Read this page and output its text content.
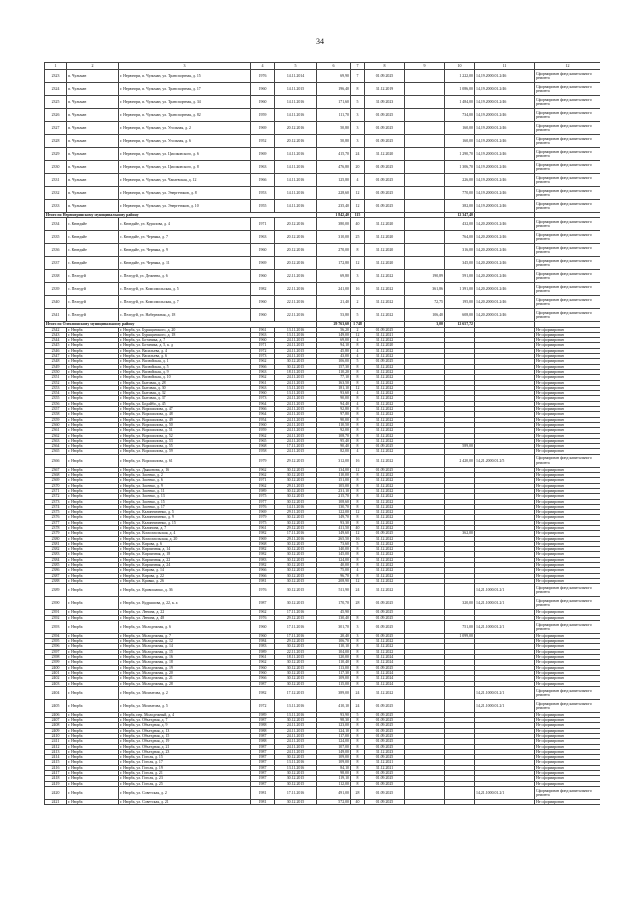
34
1	2	3	4	5	6	7	8	9	10	11	12
2323	п. Чульман	г. Нерюнгри, п. Чульман, ул. Транспортная, д. 15	1976	14.11.2014	69,90	7	01.09.2025		1 222,00	14,19.2000.01.2/46	Сформирован фонд капитального ремонта
2324	п. Чульман	г. Нерюнгри, п. Чульман, ул. Транспортная, д. 17	1960	14.11.2015	196,40	8	31.12.2019		1 086,00	14,19.2000.01.2/46	Сформирован фонд капитального ремонта
2325	п. Чульман	г. Нерюнгри, п. Чульман, ул. Транспортная, д. 34	1960	14.11.2016	171,60	5	31.09.2023		1 484,00	14,19.2000.01.2/46	Сформирован фонд капитального ремонта
2326	п. Чульман	г. Нерюнгри, п. Чульман, ул. Транспортная, д. 82	1959	14.11.2016	111,70	3	01.09.2025		734,00	14,19.2000.01.2/46	Сформирован фонд капитального ремонта
2327	п. Чульман	г. Нерюнгри, п. Чульман, ул. Угольная, д. 2	1969	20.12.2016	50,80	3	01.09.2025		160,00	14,19.2000.01.2/46	Сформирован фонд капитального ремонта
2328	п. Чульман	г. Нерюнгри, п. Чульман, ул. Угольная, д. 6	1952	20.12.2016	50,80	3	01.09.2025		160,00	14,19.2000.01.2/46	Сформирован фонд капитального ремонта
2329	п. Чульман	г. Нерюнгри, п. Чульман, ул. Циолковского, д. 6	1969	14.11.2016	415,70	24	31.12.2020		1 290,70	14,19.2000.01.2/46	Сформирован фонд капитального ремонта
2330	п. Чульман	г. Нерюнгри, п. Чульман, ул. Циолковского, д. 8	1963	14.11.2016	476,80	20	01.09.2025		1 306,70	14,19.2000.01.2/46	Сформирован фонд капитального ремонта
2331	п. Чульман	г. Нерюнгри, п. Чульман, ул. Чапаевская, д. 12	1966	14.11.2016	125,80	4	01.09.2025		226,00	14,19.2000.01.2/46	Сформирован фонд капитального ремонта
2332	п. Чульман	г. Нерюнгри, п. Чульман, ул. Энергетиков, д. 8	1953	14.11.2016	228,60	12	01.09.2025		770,00	14,19.2000.01.2/46	Сформирован фонд капитального ремонта
2333	п. Чульман	г. Нерюнгри, п. Чульман, ул. Энергетиков, д. 10	1955	14.11.2016	235,40	12	01.09.2025		382,00	14,19.2000.01.2/46	Сформирован фонд капитального ремонта
Итого по Нерюнгринскому муниципальному району					1 842,40	115			12 347,40		
2334	с. Кюндяйе	с. Кюндяйе, ул. Курилова, д. 4	1971	20.12.2016	380,00	40	31.12.2020		432,00	14,20.2000.01.2/46	Сформирован фонд капитального ремонта
2335	с. Кюндяйе	с. Кюндяйе, ул. Черняка, д. 7	1963	20.12.2016	310,00	25	31.12.2020		764,00	14,20.2000.01.2/46	Сформирован фонд капитального ремонта
2336	с. Кюндяйе	с. Кюндяйе, ул. Черняка, д. 9	1960	20.12.2016	270,00	8	31.12.2020		316,00	14,20.2000.01.2/46	Сформирован фонд капитального ремонта
2337	с. Кюндяйе	с. Кюндяйе, ул. Черняка, д. 11	1969	20.12.2016	172,80	12	31.12.2020		345,00	14,20.2000.01.2/46	Сформирован фонд капитального ремонта
2338	с. Пеледуй	с. Пеледуй, ул. Дежнева, д. 6	1960	22.11.2016	69,80	3	31.12.2022	190,89	591,00	14,20.2000.01.2/46	Сформирован фонд капитального ремонта
2339	с. Пеледуй	с. Пеледуй, ул. Комсомольская, д. 5	1982	22.11.2016	241,00	16	31.12.2022	361,86	1 391,00	14,20.2000.01.2/46	Сформирован фонд капитального ремонта
2340	с. Пеледуй	с. Пеледуй, ул. Комсомольская, д. 7	1960	22.11.2016	21,40	2	31.12.2022	72,75	195,00	14,20.2000.01.2/46	Сформирован фонд капитального ремонта
2341	с. Пеледуй	с. Пеледуй, ул. Набережная, д. 18	1960	22.11.2016	53,80	5	31.12.2022	106,40	608,00	14,20.2000.01.2/46	Сформирован фонд капитального ремонта
Итого по Олекминскому муниципальному району					29 763,60	1 748		3,00	12 657,72		
2342	г. Нюрба	г. Нюрба, ул. Бурящанского, д. 20	1961	13.11.2016	56,20	2	01.09.2025				Не сформирован
2343	г. Нюрба	г. Нюрба, ул. Бурящанского, д. 18	1963	13.11.2016	149,00	12	31.12.2021				Не сформирован
2344	г. Нюрба	г. Нюрба, ул. Ботаника, д. 7	1960	24.11.2015	69,00	4	31.12.2022				Не сформирован
2345	г. Нюрба	г. Нюрба, ул. Ботаника, д. 5, к. д	1971	24.11.2015	94,10	8	31.12.2020				Не сформирован
2346	г. Нюрба	г. Нюрба, ул. Васильева, д. 4	1972	24.11.2015	45,80	4	31.12.2022				Не сформирован
2347	г. Нюрба	г. Нюрба, ул. Васильева, д. 6	1973	24.11.2015	43,00	4	31.12.2022				Не сформирован
2348	г. Нюрба	г. Нюрба, ул. Вилюйская, д. 1	1962	30.12.2015	106,00	5	01.09.2025				Не сформирован
2349	г. Нюрба	г. Нюрба, ул. Вилюйская, д. 5	1966	30.12.2015	157,30	8	31.12.2022				Не сформирован
2350	г. Нюрба	г. Нюрба, ул. Вилюйская, д. 9	1963	18.11.2015	110,20	8	31.12.2022				Не сформирован
2351	г. Нюрба	г. Нюрба, ул. Вилюйская, д. 10	1962	24.11.2015	77,10	8	31.12.2022				Не сформирован
2352	г. Нюрба	г. Нюрба, ул. Бытовая, д. 28	1961	24.11.2015	163,50	8	31.12.2022				Не сформирован
2353	г. Нюрба	г. Нюрба, ул. Бытовая, д. 30	1963	13.11.2015	181,10	12	31.12.2022				Не сформирован
2354	г. Нюрба	г. Нюрба, ул. Бытовая, д. 32	1960	13.11.2015	93,60	4	31.12.2022				Не сформирован
2355	г. Нюрба	г. Нюрба, ул. Бытовая, д. 37	1973	24.11.2015	90,00	8	31.12.2022				Не сформирован
2356	г. Нюрба	г. Нюрба, ул. Бодайбо, д. 45	1964	24.11.2015	94,40	4	31.12.2022				Не сформирован
2357	г. Нюрба	г. Нюрба, ул. Ворошилова, д. 47	1966	24.11.2015	92,80	8	31.12.2022				Не сформирован
2358	г. Нюрба	г. Нюрба, ул. Ворошилова, д. 48	1964	24.11.2015	97,80	8	31.12.2022				Не сформирован
2359	г. Нюрба	г. Нюрба, ул. Ворошилова, д. 49	1954	24.11.2015	90,00	8	31.12.2022				Не сформирован
2360	г. Нюрба	г. Нюрба, ул. Ворошилова, д. 50	1960	24.11.2015	110,50	8	31.12.2022				Не сформирован
2361	г. Нюрба	г. Нюрба, ул. Ворошилова, д. 51	1959	24.11.2015	92,00	8	31.12.2022				Не сформирован
2362	г. Нюрба	г. Нюрба, ул. Ворошилова, д. 52	1962	24.11.2015	108,70	8	31.12.2022				Не сформирован
2363	г. Нюрба	г. Нюрба, ул. Ворошилова, д. 53	1965	24.11.2015	95,40	8	31.12.2022				Не сформирован
2364	г. Нюрба	г. Нюрба, ул. Ворошилова, д. 55	1968	17.11.2015	90,40	8	01.09.2025		589,00		Не сформирован
2365	г. Нюрба	г. Нюрба, ул. Ворошилова, д. 59	1958	24.11.2015	82,00	4	31.12.2022				Не сформирован
2366	г. Нюрба	г. Нюрба, ул. Ворошилова, д. 61	1979	29.12.2015	312,00	16	31.12.2022		2 420,00	14,21.2000.01.2/5	Сформирован фонд капитального ремонта
2367	г. Нюрба	г. Нюрба, ул. Дьяконова, д. 16	1962	30.12.2015	134,00	12	01.09.2025				Не сформирован
2368	г. Нюрба	г. Нюрба, ул. Засенко, д. 2	1962	30.12.2015	110,00	8	31.12.2022				Не сформирован
2369	г. Нюрба	г. Нюрба, ул. Засенко, д. 6	1971	30.12.2015	151,00	8	31.12.2022				Не сформирован
2370	г. Нюрба	г. Нюрба, ул. Засенко, д. 9	1962	29.11.2015	105,00	8	31.12.2022				Не сформирован
2371	г. Нюрба	г. Нюрба, ул. Засенко, д. 11	1989	30.12.2015	231,10	8	31.12.2022				Не сформирован
2372	г. Нюрба	г. Нюрба, ул. Засенко, д. 13	1975	30.12.2015	215,70	8	31.12.2022				Не сформирован
2373	г. Нюрба	г. Нюрба, ул. Засенко, д. 15	1977	30.12.2015	108,60	8	31.12.2022				Не сформирован
2374	г. Нюрба	г. Нюрба, ул. Засенко, д. 17	1976	14.11.2016	130,70	8	31.12.2022				Не сформирован
2375	г. Нюрба	г. Нюрба, ул. Калинниченко, д. 5	1969	29.11.2015	122,00	12	31.12.2022				Не сформирован
2376	г. Нюрба	г. Нюрба, ул. Калинниченко, д. 9	1979	30.12.2015	149,70	8	31.12.2022				Не сформирован
2377	г. Нюрба	г. Нюрба, ул. Калинниченко, д. 15	1975	30.12.2015	93,30	8	31.12.2022				Не сформирован
2378	г. Нюрба	г. Нюрба, ул. Калинина, д. 7	1961	29.12.2015	411,50	40	31.12.2022				Не сформирован
2379	г. Нюрба	г. Нюрба, ул. Комсомольская, д. 4	1982	17.11.2016	149,60	12	01.09.2025		362,00		Не сформирован
2380	г. Нюрба	г. Нюрба, ул. Комсомольская, д. 20	1969	29.11.2016	265,50	16	31.12.2022				Не сформирован
2381	г. Нюрба	г. Нюрба, ул. Кирова, д. 6	1968	30.12.2015	73,60	5	31.12.2022				Не сформирован
2382	г. Нюрба	г. Нюрба, ул. Кирпичная, д. 14	1982	30.12.2015	140,00	8	31.12.2022				Не сформирован
2383	г. Нюрба	г. Нюрба, ул. Кирпичная, д. 18	1982	30.12.2015	145,00	8	31.12.2022				Не сформирован
2384	г. Нюрба	г. Нюрба, ул. Кирпичная, д. 22	1983	30.12.2015	124,00	8	31.12.2022				Не сформирован
2385	г. Нюрба	г. Нюрба, ул. Кирпичная, д. 24	1982	30.12.2015	40,00	8	31.12.2022				Не сформирован
2386	г. Нюрба	г. Нюрба, ул. Кирова, д. 14	1966	30.12.2015	75,00	4	31.12.2022				Не сформирован
2387	г. Нюрба	г. Нюрба, ул. Кирова, д. 22	1966	30.12.2015	96,70	8	31.12.2022				Не сформирован
2388	г. Нюрба	г. Нюрба, ул. Кривко, д. 26	1981	30.12.2015	208,90	12	31.12.2022				Не сформирован
2389	г. Нюрба	г. Нюрба, ул. Кривошапко, д. 36	1976	30.12.2015	511,90	24	31.12.2022			14,21.1000.01.2/1	Сформирован фонд капитального ремонта
2390	г. Нюрба	г. Нюрба, ул. Кудряшова, д. 22, к. а	1987	30.12.2015	170,70	28	01.09.2025		320,00	14,21.1000.01.2/1	Сформирован фонд капитального ремонта
2391	г. Нюрба	г. Нюрба, ул. Ленина, д. 22	1962	17.11.2016	45,90		01.09.2025				Не сформирован
2392	г. Нюрба	г. Нюрба, ул. Ленина, д. 48	1976	29.12.2015	130,40	8	01.09.2025				Не сформирован
2393	г. Нюрба	г. Нюрба, ул. Молодежная, д. 6	1960	17.11.2016	301,70	3	01.09.2025		751,00	14,21.1000.01.2/1	Сформирован фонд капитального ремонта
2394	г. Нюрба	г. Нюрба, ул. Молодежная, д. 7	1960	17.11.2016	20,40	3	01.09.2025		1 099,00		Не сформирован
2395	г. Нюрба	г. Нюрба, ул. Молодежная, д. 12	1984	29.12.2015	106,70	8	31.12.2022				Не сформирован
2396	г. Нюрба	г. Нюрба, ул. Молодежная, д. 14	1983	30.12.2015	110,10	8	31.12.2022				Не сформирован
2397	г. Нюрба	г. Нюрба, ул. Молодежная, д. 15	1989	22.11.2015	104,00	8	31.12.2022				Не сформирован
2398	г. Нюрба	г. Нюрба, ул. Молодежная, д. 16	1961	18.11.2015	120,00	8	31.12.2024				Не сформирован
2399	г. Нюрба	г. Нюрба, ул. Молодежная, д. 18	1962	30.12.2015	110,40	8	31.12.2024				Не сформирован
2400	г. Нюрба	г. Нюрба, ул. Молодежная, д. 19	1960	30.12.2015	113,00	8	01.09.2025				Не сформирован
2401	г. Нюрба	г. Нюрба, ул. Молодежная, д. 20	1960	30.12.2015	117,30	8	31.12.2024				Не сформирован
2402	г. Нюрба	г. Нюрба, ул. Молодежная, д. 21	1966	30.12.2015	109,00	8	31.12.2024				Не сформирован
2403	г. Нюрба	г. Нюрба, ул. Молодежная, д. 28	1987	30.12.2015	115,00	8	31.12.2024				Не сформирован
2404	г. Нюрба	г. Нюрба, ул. Мохнатова, д. 2	1982	17.12.2015	389,00	24	31.12.2022			14,21.1000.01.2/1	Сформирован фонд капитального ремонта
2405	г. Нюрба	г. Нюрба, ул. Мохнатова, д. 5	1972	13.11.2016	410,10	24	01.09.2025			14,21.1000.01.2/1	Сформирован фонд капитального ремонта
2406	г. Нюрба	г. Нюрба, пер. Молодежный, д. 4	1989	13.11.2016	93,90	5	01.09.2025				Не сформирован
2407	г. Нюрба	г. Нюрба, ул. Объездная, д. 7	1987	30.12.2015	98,30	8	01.09.2025				Не сформирован
2408	г. Нюрба	г. Нюрба, ул. Объездная, д. 9	1988	24.11.2015	123,00	8	01.09.2025				Не сформирован
2409	г. Нюрба	г. Нюрба, ул. Объездная, д. 13	1988	24.11.2015	124,10	8	01.09.2025				Не сформирован
2410	г. Нюрба	г. Нюрба, ул. Объездная, д. 15	1987	24.11.2015	117,00	8	01.09.2025				Не сформирован
2411	г. Нюрба	г. Нюрба, ул. Объездная, д. 19	1988	24.11.2015	124,00	8	01.09.2025				Не сформирован
2412	г. Нюрба	г. Нюрба, ул. Объездная, д. 21	1987	24.11.2015	107,00	8	01.09.2025				Не сформирован
2413	г. Нюрба	г. Нюрба, ул. Объездная, д. 23	1987	24.11.2015	149,00	8	31.12.2023				Не сформирован
2414	г. Нюрба	г. Нюрба, ул. Гоголя, д. 15	1987	30.12.2015	109,00	8	01.09.2025				Не сформирован
2415	г. Нюрба	г. Нюрба, ул. Гоголя, д. 17	1987	13.11.2016	109,00	8	31.12.2021				Не сформирован
2416	г. Нюрба	г. Нюрба, ул. Гоголя, д. 19	1987	13.11.2016	84,10	8	31.12.2021				Не сформирован
2417	г. Нюрба	г. Нюрба, ул. Гоголя, д. 21	1987	30.12.2015	98,00	8	01.09.2025				Не сформирован
2418	г. Нюрба	г. Нюрба, ул. Гоголя, д. 23	1987	30.12.2015	119,10	8	01.09.2025				Не сформирован
2419	г. Нюрба	г. Нюрба, ул. Гоголя, д. 25	1987	30.12.2015	112,00	8	01.09.2025				Не сформирован
2420	г. Нюрба	г. Нюрба, ул. Советская, д. 2	1981	17.11.2016	491,00	28	01.09.2025			14,21.1000.01.2/1	Сформирован фонд капитального ремонта
2421	г. Нюрба	г. Нюрба, ул. Советская, д. 21	1981	30.12.2015	572,00	40	01.09.2025				Не сформирован
